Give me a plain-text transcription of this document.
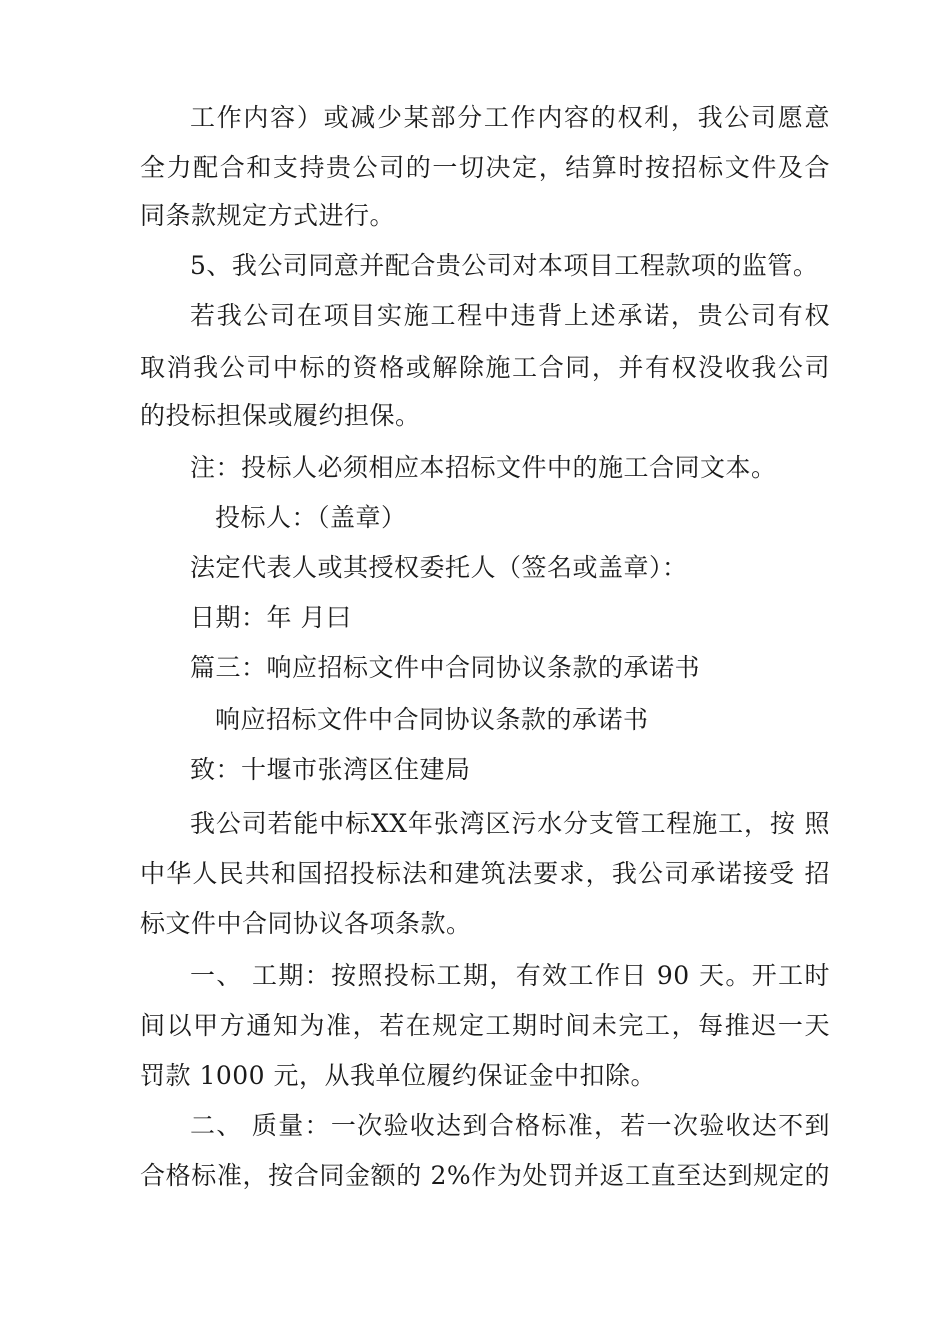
工作内容）或减少某部分工作内容的权利，我公司愿意
全力配合和支持贵公司的一切决定，结算时按招标文件及合
同条款规定方式进行。
5、我公司同意并配合贵公司对本项目工程款项的监管。
若我公司在项目实施工程中违背上述承诺，贵公司有权
取消我公司中标的资格或解除施工合同，并有权没收我公司
的投标担保或履约担保。
注：投标人必须相应本招标文件中的施工合同文本。
投标人：（盖章）
法定代表人或其授权委托人（签名或盖章）：
日期：年 月曰
篇三：响应招标文件中合同协议条款的承诺书
响应招标文件中合同协议条款的承诺书
致：十堰市张湾区住建局
我公司若能中标XX年张湾区污水分支管工程施工，按 照
中华人民共和国招投标法和建筑法要求，我公司承诺接受 招
标文件中合同协议各项条款。
一、 工期：按照投标工期，有效工作日 90 天。开工时
间以甲方通知为准，若在规定工期时间未完工，每推迟一天
罚款 1000 元，从我单位履约保证金中扣除。
二、 质量：一次验收达到合格标准，若一次验收达不到
合格标准，按合同金额的 2%作为处罚并返工直至达到规定的
